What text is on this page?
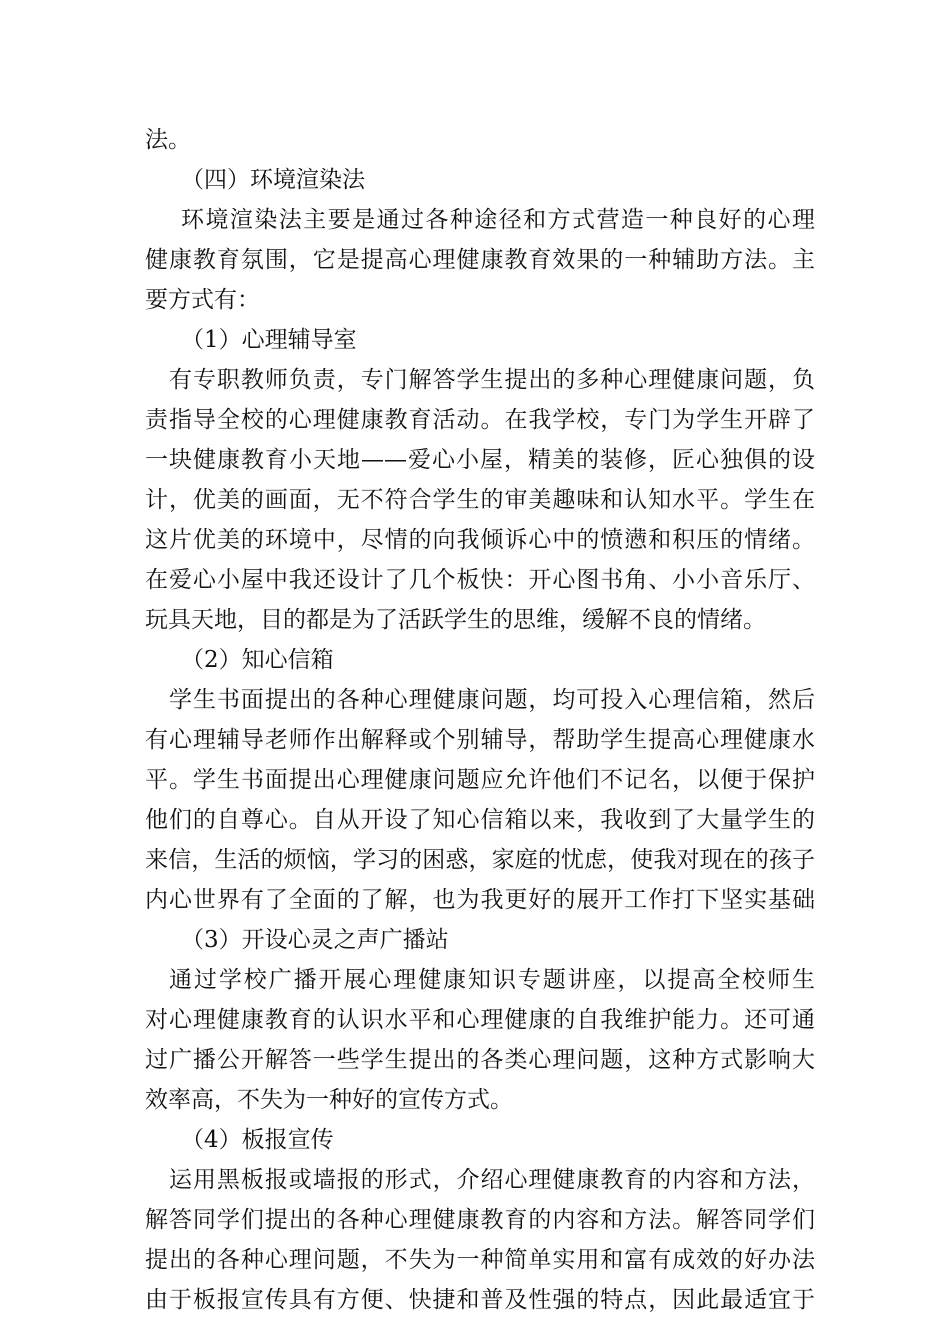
法。
（四）环境渲染法
环境渲染法主要是通过各种途径和方式营造一种良好的心理
健康教育氛围，它是提高心理健康教育效果的一种辅助方法。主
要方式有：
（1）心理辅导室
有专职教师负责，专门解答学生提出的多种心理健康问题，负
责指导全校的心理健康教育活动。在我学校，专门为学生开辟了
一块健康教育小天地——爱心小屋，精美的装修，匠心独俱的设
计，优美的画面，无不符合学生的审美趣味和认知水平。学生在
这片优美的环境中，尽情的向我倾诉心中的愤懑和积压的情绪。
在爱心小屋中我还设计了几个板快：开心图书角、小小音乐厅、
玩具天地，目的都是为了活跃学生的思维，缓解不良的情绪。
（2）知心信箱
学生书面提出的各种心理健康问题，均可投入心理信箱，然后
有心理辅导老师作出解释或个别辅导，帮助学生提高心理健康水
平。学生书面提出心理健康问题应允许他们不记名，以便于保护
他们的自尊心。自从开设了知心信箱以来，我收到了大量学生的
来信，生活的烦恼，学习的困惑，家庭的忧虑，使我对现在的孩子
内心世界有了全面的了解，也为我更好的展开工作打下坚实基础
（3）开设心灵之声广播站
通过学校广播开展心理健康知识专题讲座，以提高全校师生
对心理健康教育的认识水平和心理健康的自我维护能力。还可通
过广播公开解答一些学生提出的各类心理问题，这种方式影响大
效率高，不失为一种好的宣传方式。
（4）板报宣传
运用黑板报或墙报的形式，介绍心理健康教育的内容和方法，
解答同学们提出的各种心理健康教育的内容和方法。解答同学们
提出的各种心理问题，不失为一种简单实用和富有成效的好办法
由于板报宣传具有方便、快捷和普及性强的特点，因此最适宜于
